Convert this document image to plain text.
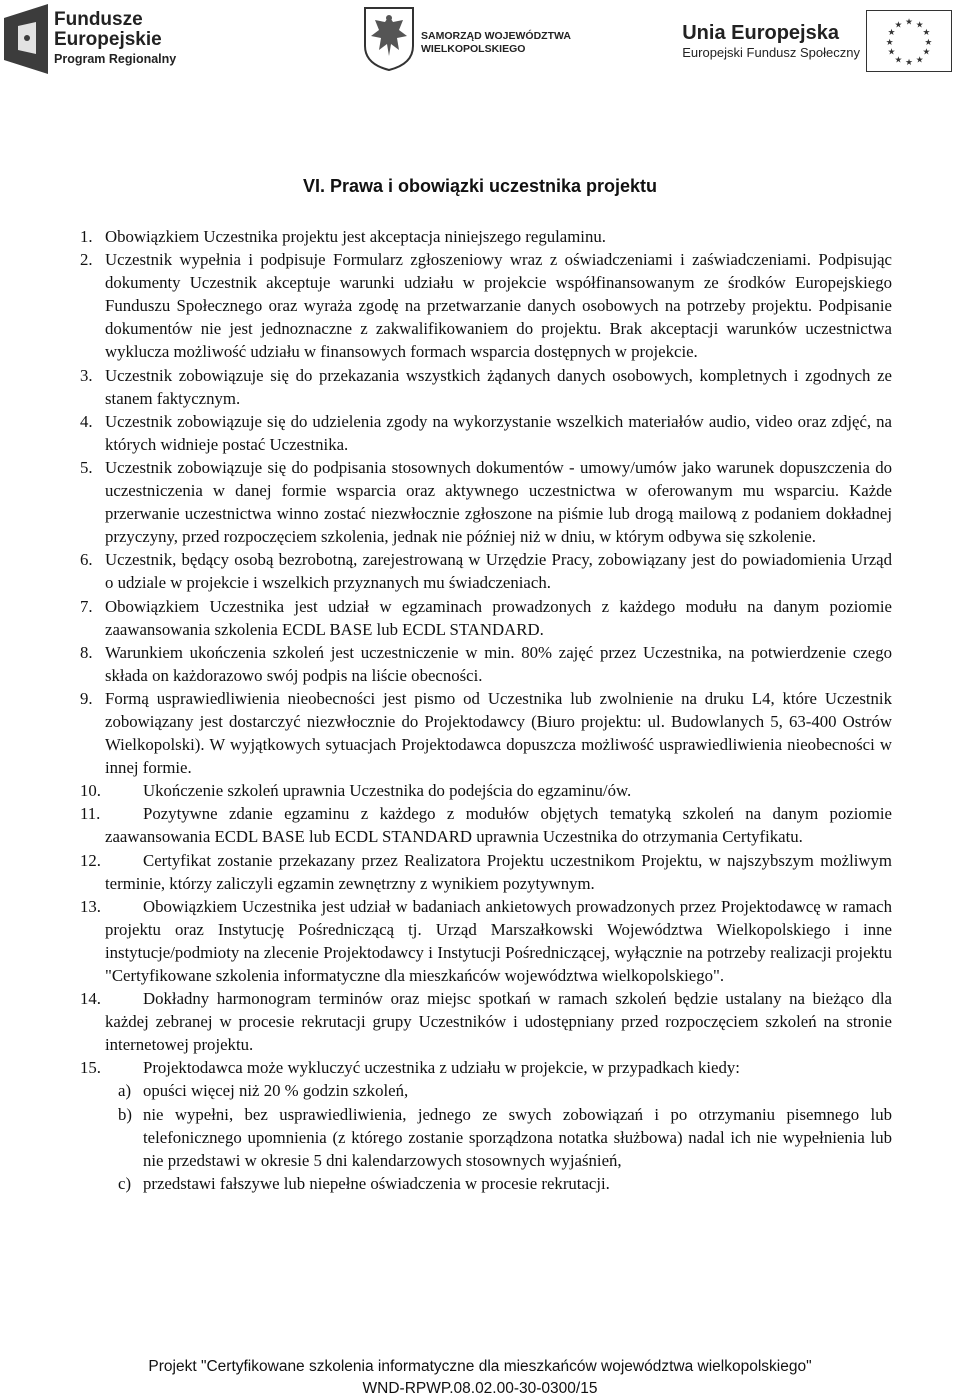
Fundusze
Europejskie
Program Regionalny
SAMORZĄD WOJEWÓDZTWA
WIELKOPOLSKIEGO
Unia Europejska
Europejski Fundusz Społeczny
★ ★
★
★
★
★
★
★
★
★
★
★
VI. Prawa i obowiązki uczestnika projektu
1. Obowiązkiem Uczestnika projektu jest akceptacja niniejszego regulaminu.
2. Uczestnik wypełnia i podpisuje Formularz zgłoszeniowy wraz z oświadczeniami i zaświadczeniami. Podpisując dokumenty Uczestnik akceptuje warunki udziału w projekcie współfinansowanym ze środków Europejskiego Funduszu Społecznego oraz wyraża zgodę na przetwarzanie danych osobowych na potrzeby projektu. Podpisanie dokumentów nie jest jednoznaczne z zakwalifikowaniem do projektu. Brak akceptacji warunków uczestnictwa wyklucza możliwość udziału w finansowych formach wsparcia dostępnych w projekcie.
3. Uczestnik zobowiązuje się do przekazania wszystkich żądanych danych osobowych, kompletnych i zgodnych ze stanem faktycznym.
4. Uczestnik zobowiązuje się do udzielenia zgody na wykorzystanie wszelkich materiałów audio, video oraz zdjęć, na których widnieje postać Uczestnika.
5. Uczestnik zobowiązuje się do podpisania stosownych dokumentów - umowy/umów jako warunek dopuszczenia do uczestniczenia w danej formie wsparcia oraz aktywnego uczestnictwa w oferowanym mu wsparciu. Każde przerwanie uczestnictwa winno zostać niezwłocznie zgłoszone na piśmie lub drogą mailową z podaniem dokładnej przyczyny, przed rozpoczęciem szkolenia, jednak nie później niż w dniu, w którym odbywa się szkolenie.
6. Uczestnik, będący osobą bezrobotną, zarejestrowaną w Urzędzie Pracy, zobowiązany jest do powiadomienia Urząd o udziale w projekcie i wszelkich przyznanych mu świadczeniach.
7. Obowiązkiem Uczestnika jest udział w egzaminach prowadzonych z każdego modułu na danym poziomie zaawansowania szkolenia ECDL BASE lub ECDL STANDARD.
8. Warunkiem ukończenia szkoleń jest uczestniczenie w min. 80% zajęć przez Uczestnika, na potwierdzenie czego składa on każdorazowo swój podpis na liście obecności.
9. Formą usprawiedliwienia nieobecności jest pismo od Uczestnika lub zwolnienie na druku L4, które Uczestnik zobowiązany jest dostarczyć niezwłocznie do Projektodawcy (Biuro projektu: ul. Budowlanych 5, 63-400 Ostrów Wielkopolski). W wyjątkowych sytuacjach Projektodawca dopuszcza możliwość usprawiedliwienia nieobecności w innej formie.
10.	Ukończenie szkoleń uprawnia Uczestnika do podejścia do egzaminu/ów.
11.	Pozytywne zdanie egzaminu z każdego z modułów objętych tematyką szkoleń na danym poziomie zaawansowania ECDL BASE lub ECDL STANDARD uprawnia Uczestnika do otrzymania Certyfikatu.
12.	Certyfikat zostanie przekazany przez Realizatora Projektu uczestnikom Projektu, w najszybszym możliwym terminie, którzy zaliczyli egzamin zewnętrzny z wynikiem pozytywnym.
13.	Obowiązkiem Uczestnika jest udział w badaniach ankietowych prowadzonych przez Projektodawcę w ramach projektu oraz Instytucję Pośredniczącą tj. Urząd Marszałkowski Województwa Wielkopolskiego i inne instytucje/podmioty na zlecenie Projektodawcy i Instytucji Pośredniczącej, wyłącznie na potrzeby realizacji projektu "Certyfikowane szkolenia informatyczne dla mieszkańców województwa wielkopolskiego".
14.	Dokładny harmonogram terminów oraz miejsc spotkań w ramach szkoleń będzie ustalany na bieżąco dla każdej zebranej w procesie rekrutacji grupy Uczestników i udostępniany przed rozpoczęciem szkoleń na stronie internetowej projektu.
15.	Projektodawca może wykluczyć uczestnika z udziału w projekcie, w przypadkach kiedy:
a) opuści więcej niż 20 % godzin szkoleń,
b) nie wypełni, bez usprawiedliwienia, jednego ze swych zobowiązań i po otrzymaniu pisemnego lub telefonicznego upomnienia (z którego zostanie sporządzona notatka służbowa) nadal ich nie wypełnienia lub nie przedstawi w okresie 5 dni kalendarzowych stosownych wyjaśnień,
c) przedstawi fałszywe lub niepełne oświadczenia w procesie rekrutacji.
Projekt "Certyfikowane szkolenia informatyczne dla mieszkańców województwa wielkopolskiego"
WND-RPWP.08.02.00-30-0300/15
